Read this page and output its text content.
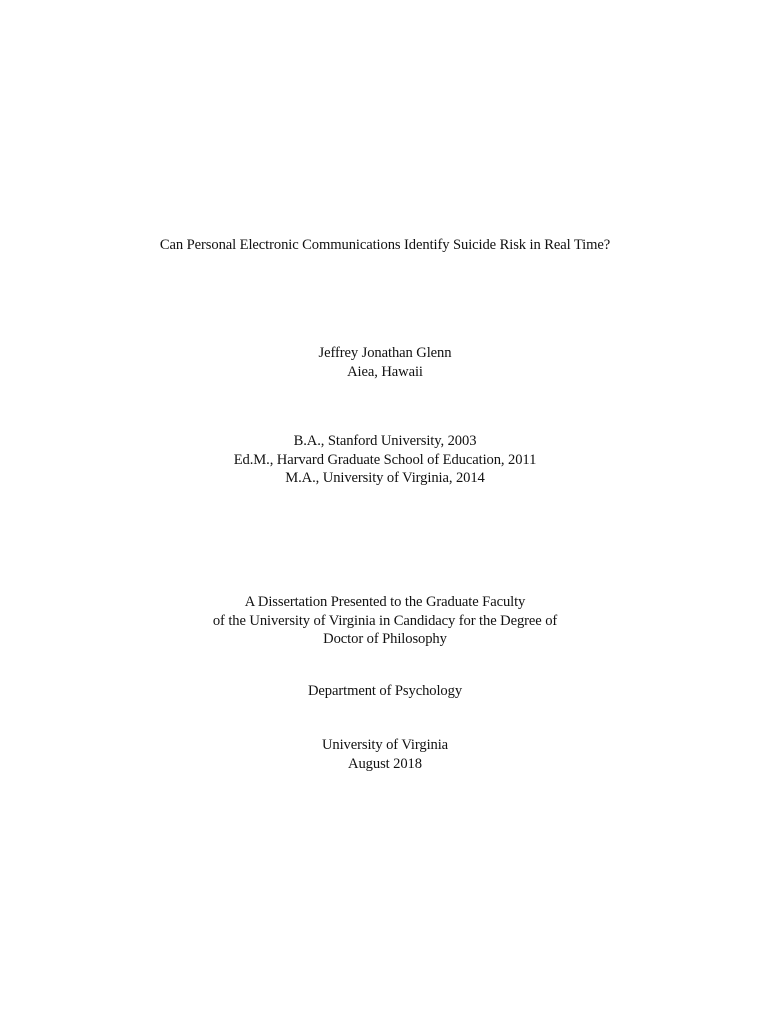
Can Personal Electronic Communications Identify Suicide Risk in Real Time?
Jeffrey Jonathan Glenn
Aiea, Hawaii
B.A., Stanford University, 2003
Ed.M., Harvard Graduate School of Education, 2011
M.A., University of Virginia, 2014
A Dissertation Presented to the Graduate Faculty
of the University of Virginia in Candidacy for the Degree of
Doctor of Philosophy
Department of Psychology
University of Virginia
August 2018
